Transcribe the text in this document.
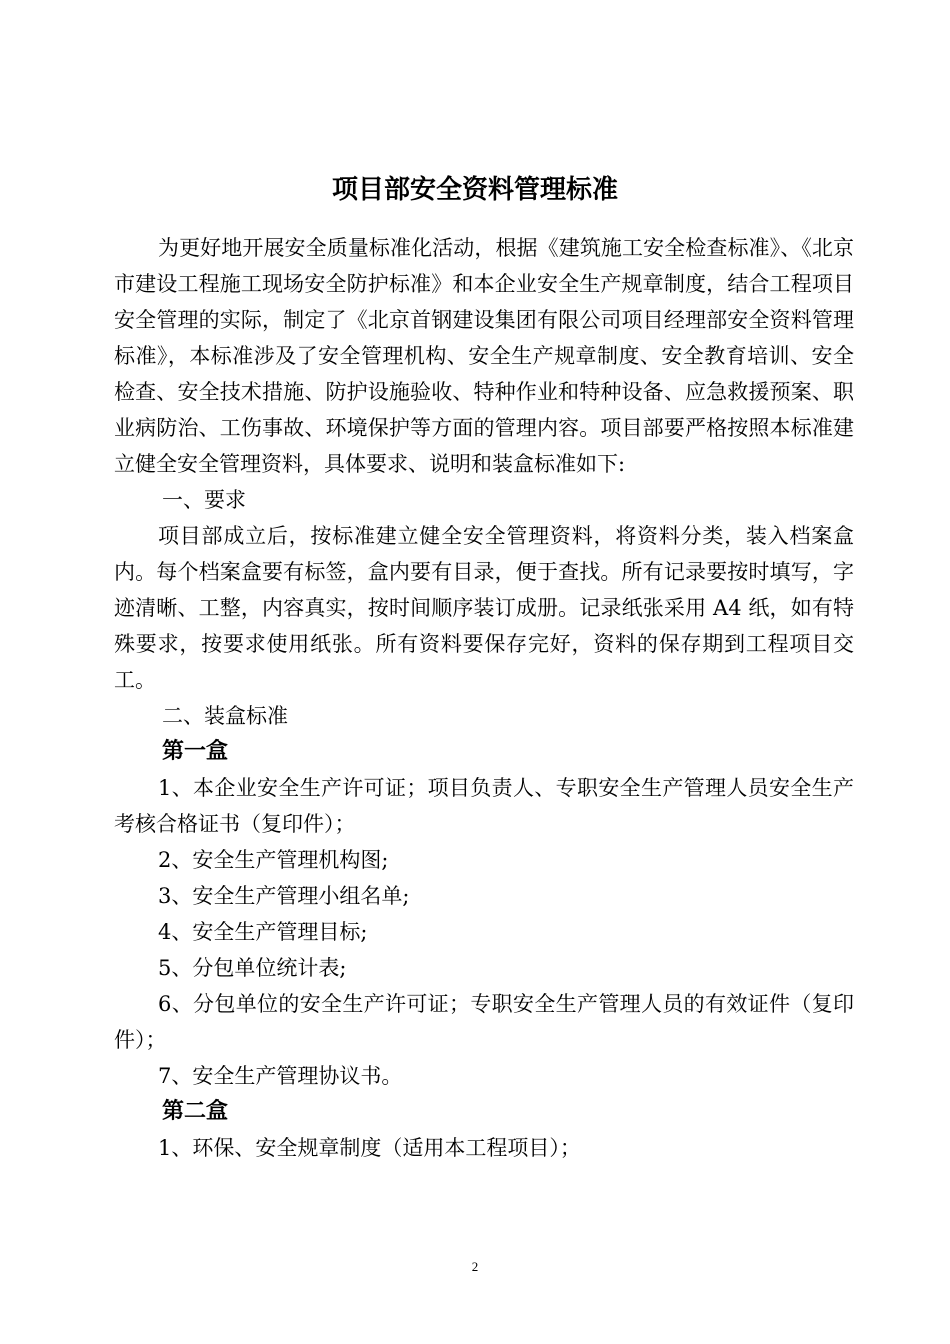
项目部安全资料管理标准

为更好地开展安全质量标准化活动，根据《建筑施工安全检查标准》、《北京市建设工程施工现场安全防护标准》和本企业安全生产规章制度，结合工程项目安全管理的实际，制定了《北京首钢建设集团有限公司项目经理部安全资料管理标准》，本标准涉及了安全管理机构、安全生产规章制度、安全教育培训、安全检查、安全技术措施、防护设施验收、特种作业和特种设备、应急救援预案、职业病防治、工伤事故、环境保护等方面的管理内容。项目部要严格按照本标准建立健全安全管理资料，具体要求、说明和装盒标准如下:

一、要求

项目部成立后，按标准建立健全安全管理资料，将资料分类，装入档案盒内。每个档案盒要有标签，盒内要有目录，便于查找。所有记录要按时填写，字迹清晰、工整，内容真实，按时间顺序装订成册。记录纸张采用 A4 纸，如有特殊要求，按要求使用纸张。所有资料要保存完好，资料的保存期到工程项目交工。

二、装盒标准

第一盒

1、本企业安全生产许可证；项目负责人、专职安全生产管理人员安全生产考核合格证书（复印件）；

2、安全生产管理机构图;

3、安全生产管理小组名单;

4、安全生产管理目标;

5、分包单位统计表;

6、分包单位的安全生产许可证；专职安全生产管理人员的有效证件（复印件）；

7、安全生产管理协议书。

第二盒

1、环保、安全规章制度（适用本工程项目）；

2
